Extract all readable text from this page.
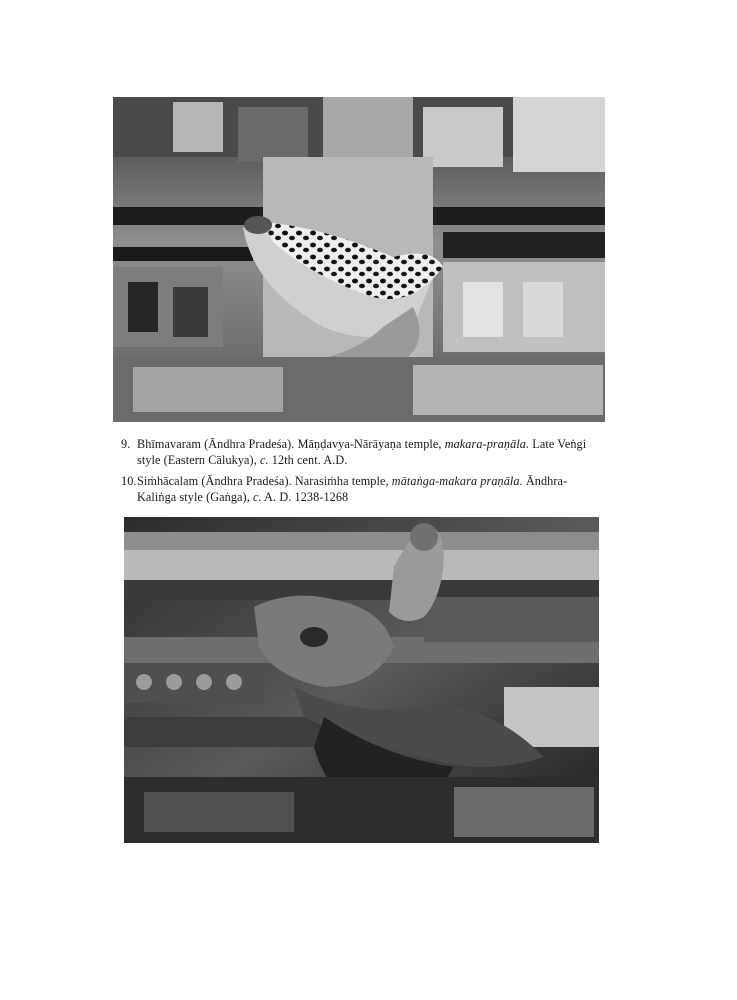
9. Bhīmavaram (Āndhra Pradeśa). Māṇḍavya-Nārāyaṇa temple, makara-praṇāla. Late Veṅgi
style (Eastern Cālukya), c. 12th cent. A.D.
10.Siṁhācalam (Āndhra Pradeśa). Narasiṁha temple, mātaṅga-makara praṇāla. Āndhra-
Kaliṅga style (Gaṅga), c. A. D. 1238-1268
